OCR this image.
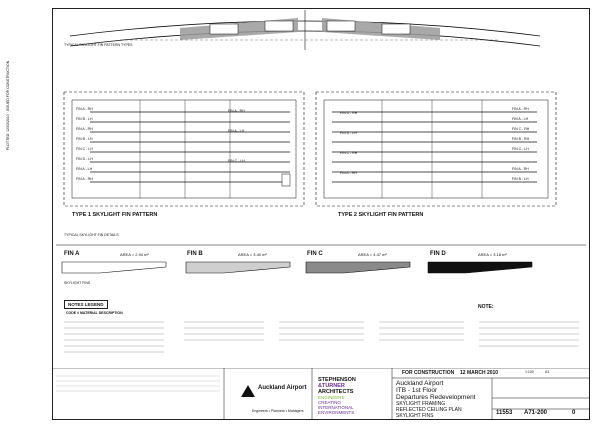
PLOTTED: 12/03/2010 · ISSUED FOR CONSTRUCTION
TYPICAL SKYLIGHT FIN PATTERN TYPES
FIN A - RH
FIN B - LH
FIN A - RH
FIN B - LH
FIN C - LH
FIN D - LH
FIN A - LH
FIN A - RH
FIN A - RH
FIN A - LH
FIN C - LH
FIN D - RH
FIN D - LH
FIN C - RH
FIN A - RH
FIN A - RH
FIN A - LH
FIN C - RH
FIN B - RH
FIN C - LH
FIN A - RH
FIN B - LH
TYPE 1 SKYLIGHT FIN PATTERN	TYPE 2 SKYLIGHT FIN PATTERN
TYPICAL SKYLIGHT FIN DETAILS
FIN A	AREA = 2.94 m²	FIN B	AREA = 3.40 m²	FIN C	AREA = 4.47 m²	FIN D	AREA = 3.18 m²
SKYLIGHT FINS
NOTES LEGEND
CODE # MATERIAL DESCRIPTION
NOTE:
FOR CONSTRUCTION 12 MARCH 2010	1:100	A1
Auckland Airport
Engineers • Planners • Managers
STEPHENSON
&TURNER
ARCHITECTS
ENGINEERS
CREATING
INTERNATIONAL
ENVIRONMENTS
Auckland Airport
ITB - 1st Floor
Departures Redevelopment
SKYLIGHT FRAMING
REFLECTED CEILING PLAN
SKYLIGHT FINS	11553 A71-200	0
